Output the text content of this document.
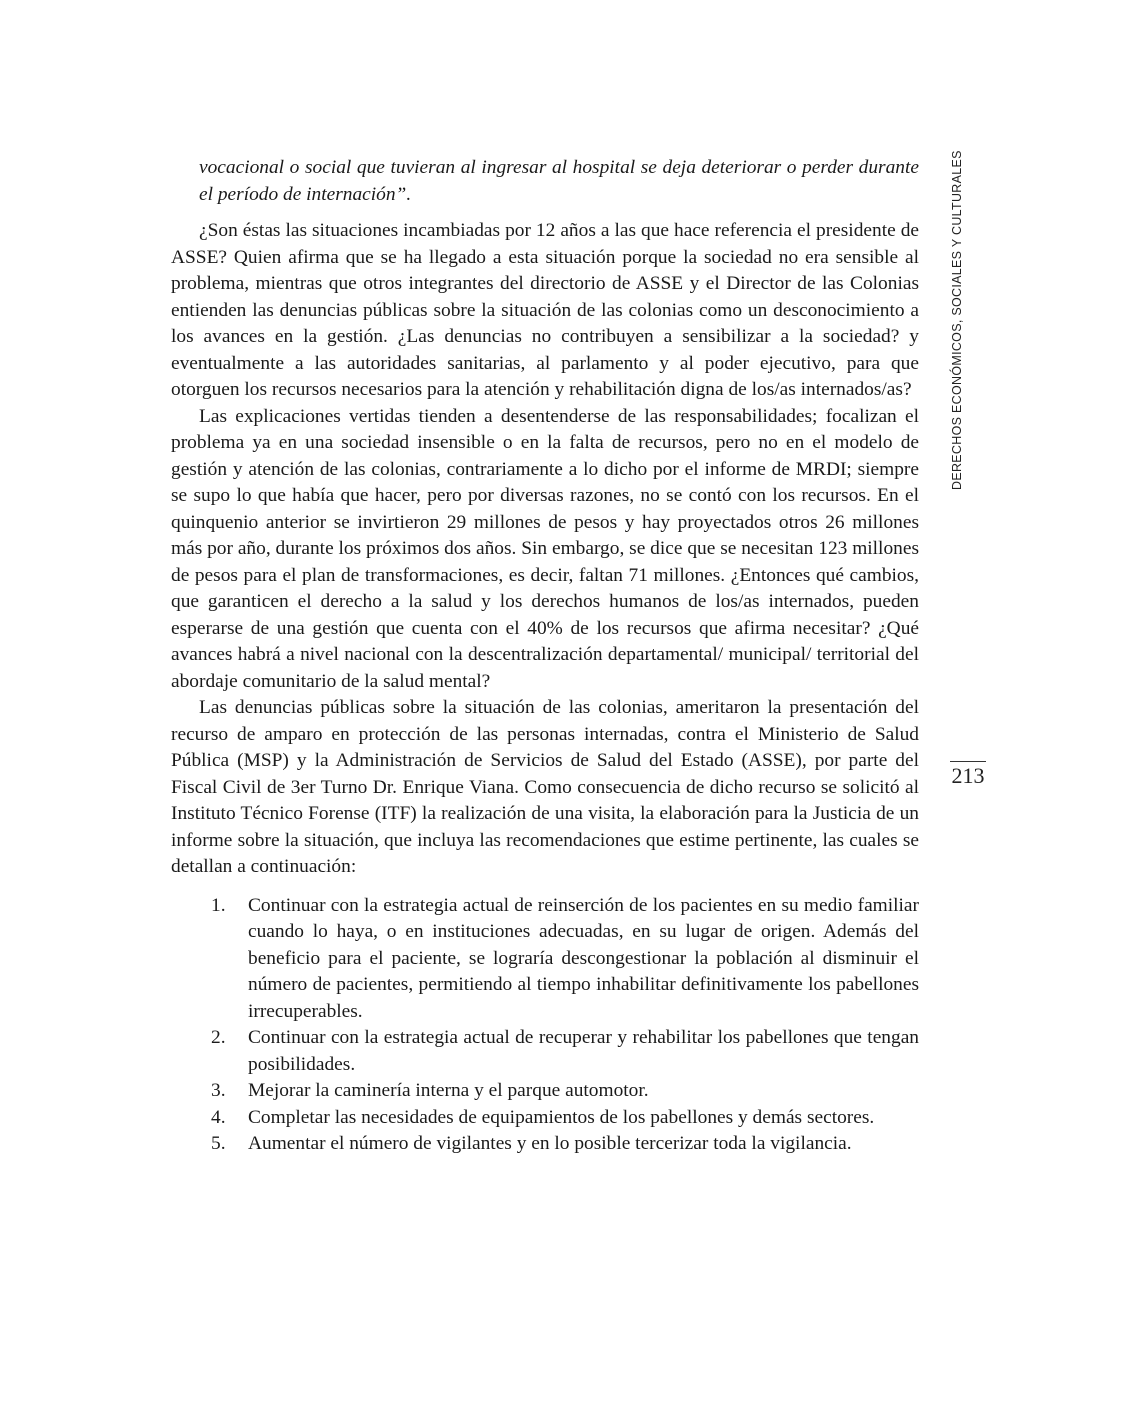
DERECHOS ECONÓMICOS, SOCIALES Y CULTURALES
213

vocacional o social que tuvieran al ingresar al hospital se deja deteriorar o perder durante el período de internación”.

¿Son éstas las situaciones incambiadas por 12 años a las que hace referencia el presidente de ASSE? Quien afirma que se ha llegado a esta situación porque la sociedad no era sensible al problema, mientras que otros integrantes del directorio de ASSE y el Director de las Colonias entienden las denuncias públicas sobre la situación de las colonias como un desconocimiento a los avances en la gestión. ¿Las denuncias no contribuyen a sensibilizar a la sociedad? y eventualmente a las autoridades sanitarias, al parlamento y al poder ejecutivo, para que otorguen los recursos necesarios para la atención y rehabilitación digna de los/as internados/as?

Las explicaciones vertidas tienden a desentenderse de las responsabilidades; focalizan el problema ya en una sociedad insensible o en la falta de recursos, pero no en el modelo de gestión y atención de las colonias, contrariamente a lo dicho por el informe de MRDI; siempre se supo lo que había que hacer, pero por diversas razones, no se contó con los recursos. En el quinquenio anterior se invirtieron 29 millones de pesos y hay proyectados otros 26 millones más por año, durante los próximos dos años. Sin embargo, se dice que se necesitan 123 millones de pesos para el plan de transformaciones, es decir, faltan 71 millones. ¿Entonces qué cambios, que garanticen el derecho a la salud y los derechos humanos de los/as internados, pueden esperarse de una gestión que cuenta con el 40% de los recursos que afirma necesitar? ¿Qué avances habrá a nivel nacional con la descentralización departamental/ municipal/ territorial del abordaje comunitario de la salud mental?

Las denuncias públicas sobre la situación de las colonias, ameritaron la presentación del recurso de amparo en protección de las personas internadas, contra el Ministerio de Salud Pública (MSP) y la Administración de Servicios de Salud del Estado (ASSE), por parte del Fiscal Civil de 3er Turno Dr. Enrique Viana. Como consecuencia de dicho recurso se solicitó al Instituto Técnico Forense (ITF) la realización de una visita, la elaboración para la Justicia de un informe sobre la situación, que incluya las recomendaciones que estime pertinente, las cuales se detallan a continuación:

1.	Continuar con la estrategia actual de reinserción de los pacientes en su medio familiar cuando lo haya, o en instituciones adecuadas, en su lugar de origen. Además del beneficio para el paciente, se lograría descongestionar la población al disminuir el número de pacientes, permitiendo al tiempo inhabilitar definitivamente los pabellones irrecuperables.
2.	Continuar con la estrategia actual de recuperar y rehabilitar los pabellones que tengan posibilidades.
3.	Mejorar la caminería interna y el parque automotor.
4.	Completar las necesidades de equipamientos de los pabellones y demás sectores.
5.	Aumentar el número de vigilantes y en lo posible tercerizar toda la vigilancia.
